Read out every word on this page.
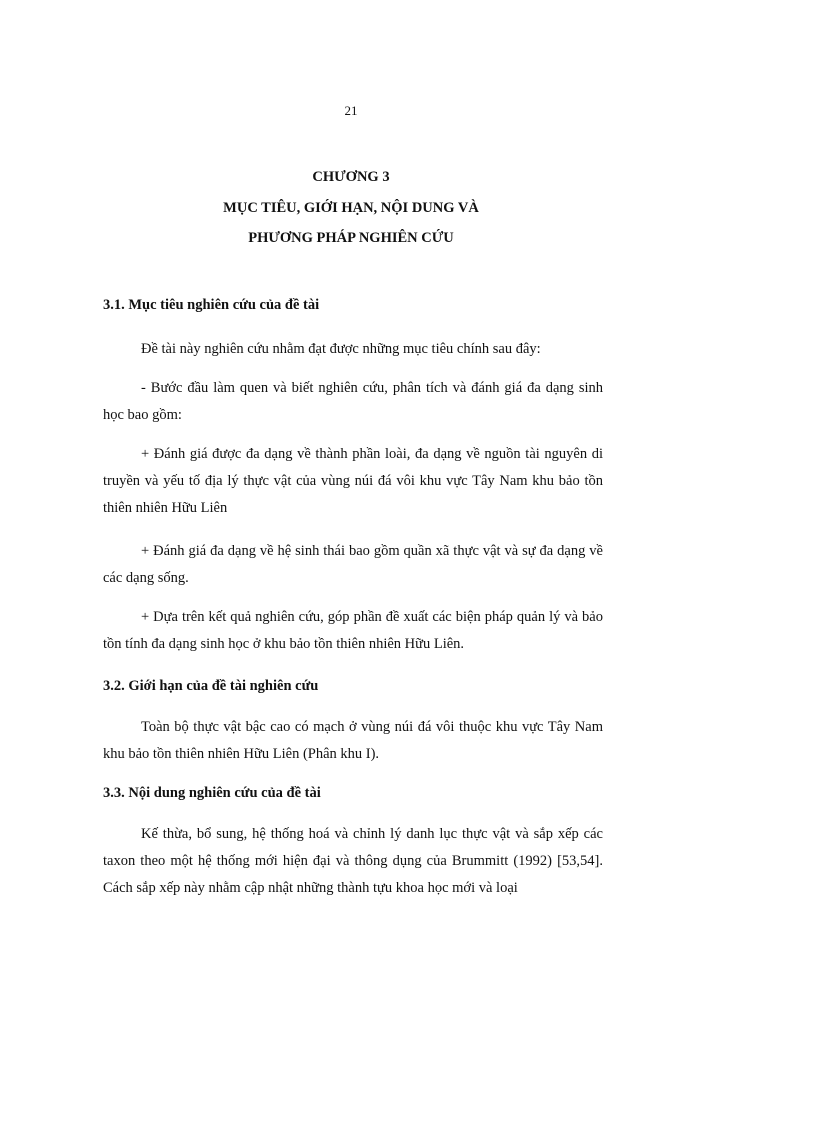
21
CHƯƠNG 3
MỤC TIÊU, GIỚI HẠN, NỘI DUNG VÀ
PHƯƠNG PHÁP NGHIÊN CỨU
3.1. Mục tiêu nghiên cứu của đề tài
Đề tài này nghiên cứu nhằm đạt được những mục tiêu chính sau đây:
- Bước đầu làm quen và biết nghiên cứu, phân tích và đánh giá đa dạng sinh học bao gồm:
+ Đánh giá được đa dạng về thành phần loài, đa dạng về nguồn tài nguyên di truyền và yếu tố địa lý thực vật của vùng núi đá vôi khu vực Tây Nam khu bảo tồn thiên nhiên Hữu Liên
+ Đánh giá đa dạng về hệ sinh thái bao gồm quần xã thực vật và sự đa dạng về các dạng sống.
+ Dựa trên kết quả nghiên cứu, góp phần đề xuất các biện pháp quản lý và bảo tồn tính đa dạng sinh học ở khu bảo tồn thiên nhiên Hữu Liên.
3.2. Giới hạn của đề tài nghiên cứu
Toàn bộ thực vật bậc cao có mạch ở vùng núi đá vôi thuộc khu vực Tây Nam khu bảo tồn thiên nhiên Hữu Liên (Phân khu I).
3.3. Nội dung nghiên cứu của đề tài
Kế thừa, bổ sung, hệ thống hoá và chỉnh lý danh lục thực vật và sắp xếp các taxon theo một hệ thống mới hiện đại và thông dụng của Brummitt (1992) [53,54]. Cách sắp xếp này nhằm cập nhật những thành tựu khoa học mới và loại
